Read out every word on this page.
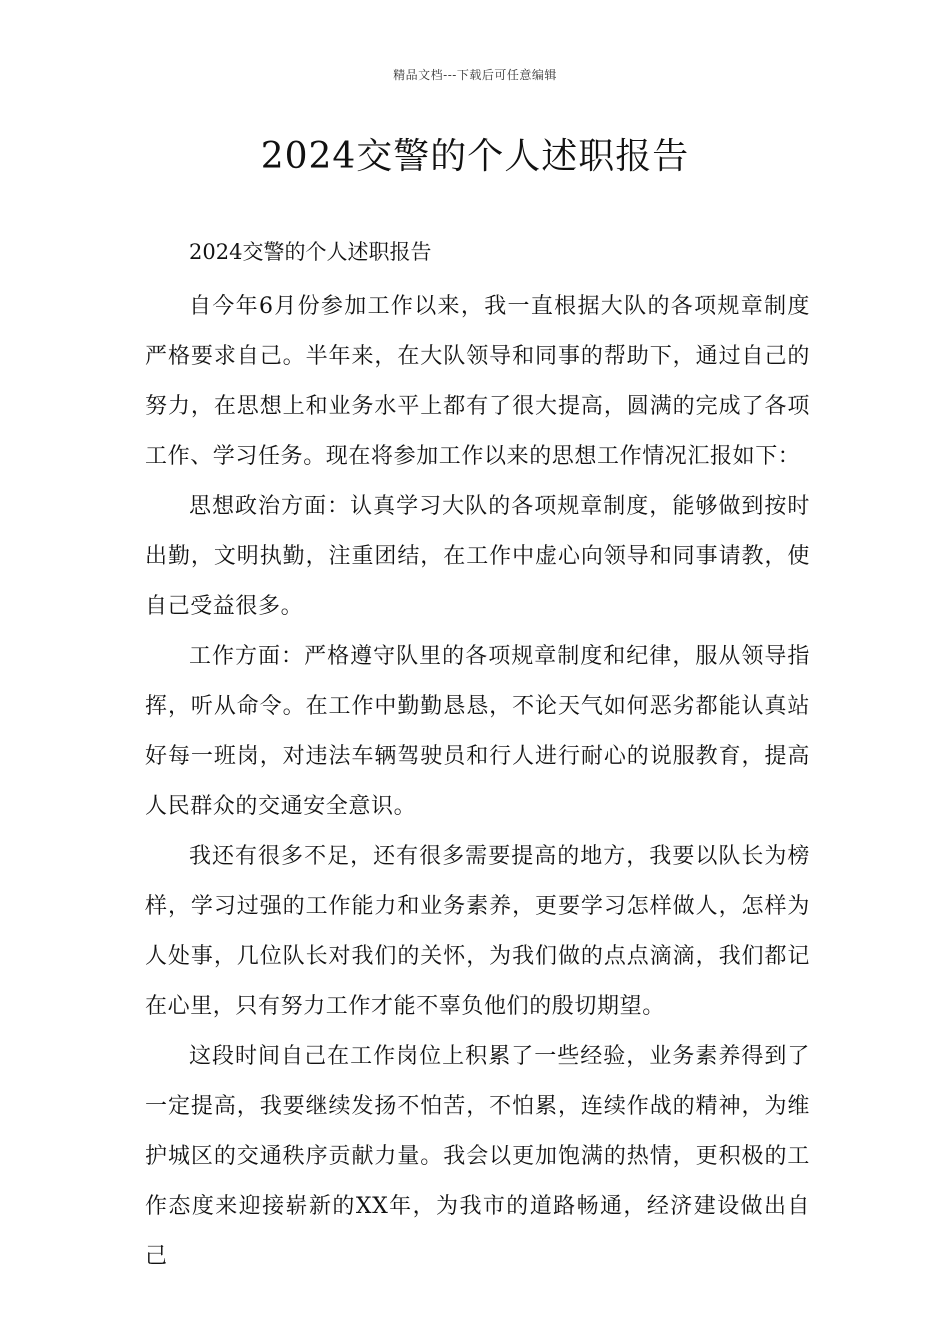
精品文档---下载后可任意编辑
2024交警的个人述职报告

2024交警的个人述职报告

自今年6月份参加工作以来，我一直根据大队的各项规章制度严格要求自己。半年来，在大队领导和同事的帮助下，通过自己的努力，在思想上和业务水平上都有了很大提高，圆满的完成了各项工作、学习任务。现在将参加工作以来的思想工作情况汇报如下：

思想政治方面：认真学习大队的各项规章制度，能够做到按时出勤，文明执勤，注重团结，在工作中虚心向领导和同事请教，使自己受益很多。

工作方面：严格遵守队里的各项规章制度和纪律，服从领导指挥，听从命令。在工作中勤勤恳恳，不论天气如何恶劣都能认真站好每一班岗，对违法车辆驾驶员和行人进行耐心的说服教育，提高人民群众的交通安全意识。

我还有很多不足，还有很多需要提高的地方，我要以队长为榜样，学习过强的工作能力和业务素养，更要学习怎样做人，怎样为人处事，几位队长对我们的关怀，为我们做的点点滴滴，我们都记在心里，只有努力工作才能不辜负他们的殷切期望。

这段时间自己在工作岗位上积累了一些经验，业务素养得到了一定提高，我要继续发扬不怕苦，不怕累，连续作战的精神，为维护城区的交通秩序贡献力量。我会以更加饱满的热情，更积极的工作态度来迎接崭新的XX年，为我市的道路畅通，经济建设做出自己
